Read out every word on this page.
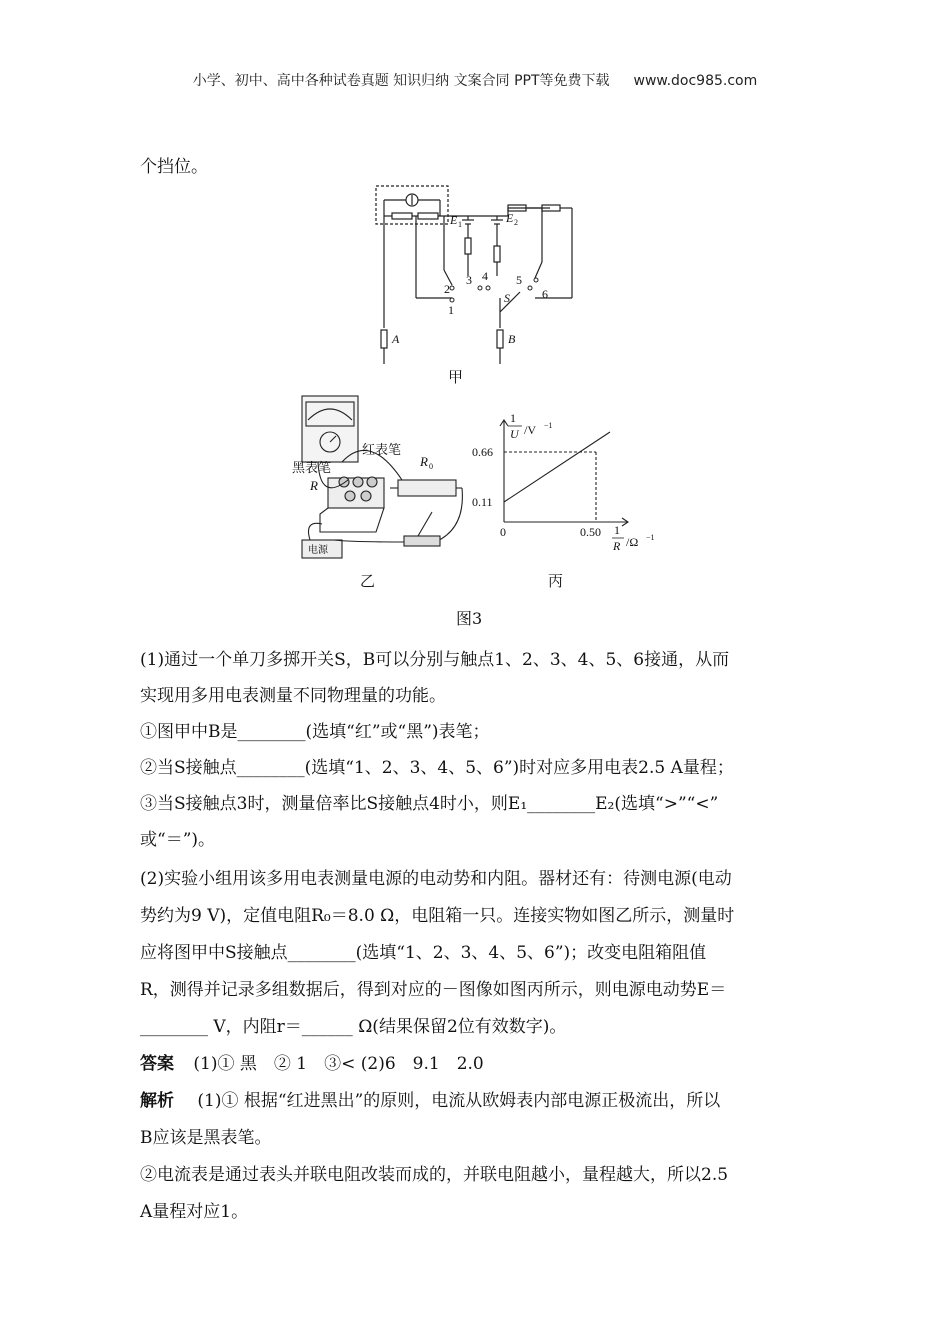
小学、初中、高中各种试卷真题 知识归纳 文案合同 PPT等免费下载 www.doc985.com
个挡位。
2
1
3 4 5
6
S
E 1	E 2
A	B
甲
红表笔
黑表笔
R
R 0
电源
乙
1
U /V −1
0.66
0.11
0	0.50 1
R /Ω −1
丙
图3
(1)通过一个单刀多掷开关S，B可以分别与触点1、2、3、4、5、6接通，从而
实现用多用电表测量不同物理量的功能。
①图甲中B是________(选填“红”或“黑”)表笔；
②当S接触点________(选填“1、2、3、4、5、6”)时对应多用电表2.5 A量程；
③当S接触点3时，测量倍率比S接触点4时小，则E₁________E₂(选填“>”“<”
或“＝”)。
(2)实验小组用该多用电表测量电源的电动势和内阻。器材还有：待测电源(电动
势约为9 V)，定值电阻R₀＝8.0 Ω，电阻箱一只。连接实物如图乙所示，测量时
应将图甲中S接触点________(选填“1、2、3、4、5、6”)；改变电阻箱阻值
R，测得并记录多组数据后，得到对应的－图像如图丙所示，则电源电动势E＝
________ V，内阻r＝______ Ω(结果保留2位有效数字)。
答案 (1)① 黑　② 1　③< (2)6　9.1　2.0
解析 (1)① 根据“红进黑出”的原则，电流从欧姆表内部电源正极流出，所以
B应该是黑表笔。
②电流表是通过表头并联电阻改装而成的，并联电阻越小，量程越大，所以2.5
A量程对应1。
